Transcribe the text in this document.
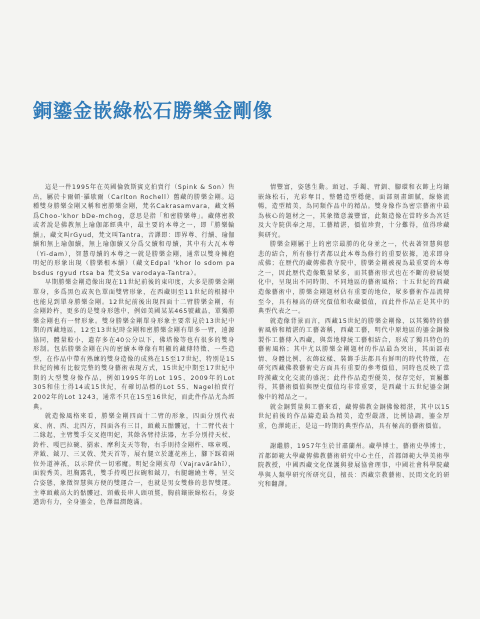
銅鎏金嵌綠松石勝樂金剛像

這是一件1995年在英國倫敦斯賓克拍賣行（Spink & Son）售出，屬於卡爾頓·羅歇爾（Carlton Rochell）舊藏的勝樂金剛。這種雙身勝樂金剛又稱和密勝樂金剛，梵名Cakrasamvara，藏文稱爲Choo-'khor bDe-mchog，意思是指「和密勝樂尊」。藏傳密教或者說是佛教無上瑜伽部經典中，最主要的本尊之一，即『勝樂輪續』，藏文叫rGyud，梵文叫Tantra，音譯即：即界尊、行續、瑜伽續和無上瑜伽續，無上瑜伽續又分爲父續和母續，其中有大瓦本尊（Yi-dam），智慧母續的本尊之一就是勝樂金剛，通常以雙身擁抱明妃的形象出現（勝樂根本續）（藏文Edpal 'khor lo sdom pa bsdus rgyud rtsa ba 梵文Sa varodaya-Tantra）。

早期勝樂金剛造像出現在11世紀前後的東印度，大多是勝樂金剛單身，多爲黑色或灰色單面雙臂形象，在西藏則至11世紀的根據中也能見到單身勝樂金剛。12世紀前後出現四面十二臂勝樂金剛，有金剛鈴杵，更多的是雙身形態中，例如美國某某465號藏品，單獨勝樂金剛也有一臂形象。雙身勝樂金剛單身形象主要常見於13世紀中期的西藏地區，12至13世紀時金剛和密勝樂金剛有單多一臂，遠源協同，體量較小，遺存多在40公分以下，佛塔像等也有很多的雙身形制。包括勝樂金剛在內的密續本尊像有明顯的藏傳特徵、一些造型，在作品中帶有熟練的雙身造像的成熟在15至17世紀，特別是15世紀的擁有比較完整的雙身藝術表現方式，15世紀中期至17世紀中期的大型雙身像作品，例如1995年的Lot 195、2009年的Lot 305和佳士得14或15世紀，有確切品標的Lot 55、Nagel拍賣行2002年的Lot 1243，通常不只在15至16世紀，而此件作品尤為經典。

就造像風格來看，勝樂金剛四面十二臂的形象，四面分別代表東、南、西、北四方，四面各有三目，頭戴五骷髏冠，十二臂代表十二緣起，主臂雙手交叉抱明妃，其餘各臂持法器，左手分別持天杖、鈴杵、嘎巴拉碗、羂索、摩利支天等物，右手則持金剛杵、喀章嘎、斧鉞、鉞刀、三叉戟、梵天首等，展右腿立於蓮花座上，腳下踩着兩位外道神祇，以示降伏一切邪魔。明妃金剛亥母（Vajravārāhī），面貌秀美，坦胸露乳，雙手持嘎巴拉碗和鉞刀，右腿纏繞主尊，呈交合姿態，象徵智慧與方便的雙運合一，也就是男女雙修的悲智雙運。主尊頭戴高大的骷髏冠、頸戴長串人頭項鬘，胸前鑲嵌綠松石，身姿遒勁有力，全身鎏金，色澤溫潤飽滿。

情豐富，姿態生動。頭冠、手鐲、臂釧、腳環和衣飾上均鑲嵌綠松石，光彩奪目，整體造型穩健，面部刻畫細膩，線條流暢，造型精美，為同類作品中的精品。雙身像作為密宗藝術中最為核心的題材之一，其象徵意義豐富，此類造像在當時多為宮廷及大寺院供奉之用，工藝精湛，價值珍貴，十分難得，值得珍藏與研究。

勝樂金剛屬于上的密宗最勝的化身並之一，代表著智慧與慈悲的結合，所有修行者都以此本尊為修行的重要依據，追求即身成佛；在歷代的藏傳佛教寺院中，勝樂金剛被視為最重要的本尊之一，因此歷代造像數量眾多，而其藝術形式也在不斷的發展變化中，呈現出不同時期、不同地區的藝術風格；十五世紀的西藏造像藝術中，勝樂金剛題材佔有重要的地位，眾多藝術作品流傳至今，具有極高的研究價值和收藏價值，而此件作品正是其中的典型代表之一。

就造像背景而言，西藏15世紀的勝樂金剛像，以其獨特的藝術風格和精湛的工藝著稱，西藏工藝，明代中原地區的鎏金銅像製作工藝傳入西藏，與當地傳統工藝相結合，形成了獨具特色的藝術風格；其中尤以勝樂金剛題材的作品最為突出，其面部表情、身體比例、衣飾紋樣、裝飾手法都具有鮮明的時代特徵，在研究西藏佛教藝術史方面具有重要的參考價值，同時也反映了當時漢藏文化交流的盛況；此件作品造型優美，保存完好，實屬難得，其藝術價值與歷史價值均非常重要，是西藏十五世紀鎏金銅像中的精品之一。

就金銅質量與工藝來看，藏傳佛教金銅佛像精湛，其中以15世紀前後的作品鑄造最為精美，造型嚴謹，比例協調，鎏金厚重，色澤純正，是這一時期的典型作品，具有極高的藝術價值。

謝繼勝，1957年生於甘肅蘭州。藏學博士，藝術史學博士，首都師範大學藏傳佛教藝術研究中心主任，首都師範大學美術學院教授，中國西藏文化保護與發展協會理事，中國社會科學院藏學與人類學研究所研究員，擅長：西藏宗教藝術、民間文化的研究和翻譯。
